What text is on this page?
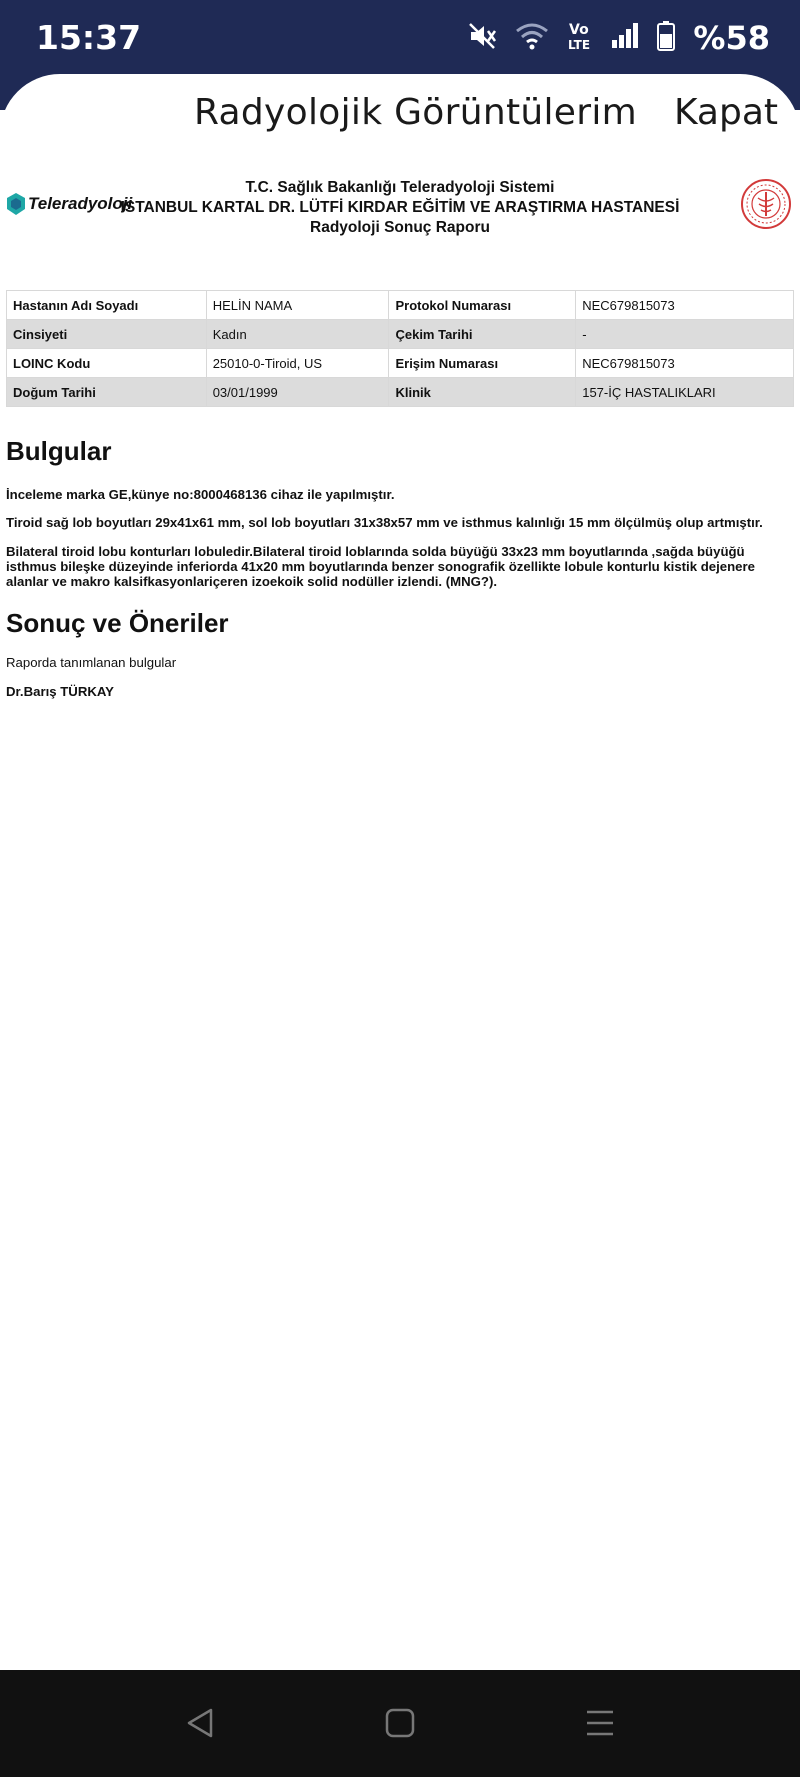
15:37	Vo
LTE	%58
Radyolojik Görüntülerim Kapat
Teleradyoloji
T.C. Sağlık Bakanlığı Teleradyoloji Sistemi
ISTANBUL KARTAL DR. LÜTFİ KIRDAR EĞİTİM VE ARAŞTIRMA HASTANESİ
Radyoloji Sonuç Raporu
Hastanın Adı Soyadı	HELİN NAMA	Protokol Numarası	NEC679815073
Cinsiyeti	Kadın	Çekim Tarihi	-
LOINC Kodu	25010-0-Tiroid, US	Erişim Numarası	NEC679815073
Doğum Tarihi	03/01/1999	Klinik	157-İÇ HASTALIKLARI
Bulgular
İnceleme marka GE,künye no:8000468136 cihaz ile yapılmıştır.
Tiroid sağ lob boyutları 29x41x61 mm, sol lob boyutları 31x38x57 mm ve isthmus kalınlığı 15 mm ölçülmüş olup artmıştır.
Bilateral tiroid lobu konturları lobuledir.Bilateral tiroid loblarında solda büyüğü 33x23 mm boyutlarında ,sağda büyüğü isthmus bileşke düzeyinde inferiorda 41x20 mm boyutlarında benzer sonografik özellikte lobule konturlu kistik dejenere alanlar ve makro kalsifkasyonlariçeren izoekoik solid nodüller izlendi. (MNG?).
Sonuç ve Öneriler
Raporda tanımlanan bulgular
Dr.Barış TÜRKAY
